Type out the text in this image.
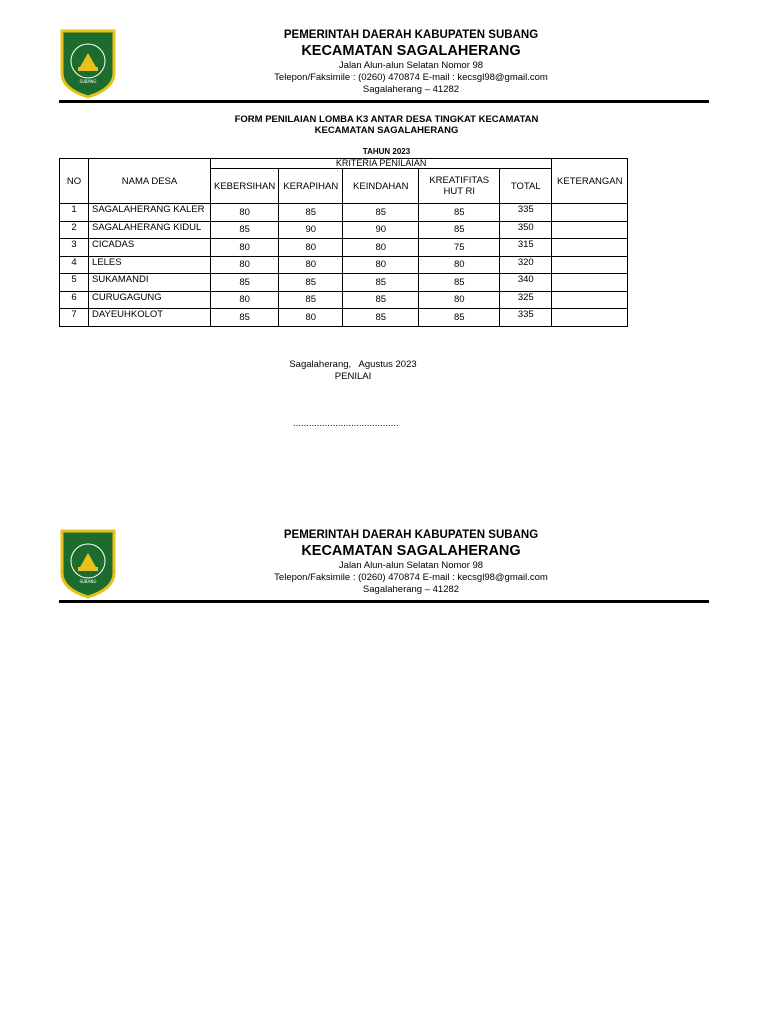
SUBANG
PEMERINTAH DAERAH KABUPATEN SUBANG
KECAMATAN SAGALAHERANG
Jalan Alun-alun Selatan Nomor 98
Telepon/Faksimile : (0260) 470874 E-mail : kecsgl98@gmail.com
Sagalaherang – 41282
FORM PENILAIAN LOMBA K3 ANTAR DESA TINGKAT KECAMATAN
KECAMATAN SAGALAHERANG
TAHUN 2023
NO	NAMA DESA	KRITERIA PENILAIAN					KETERANGAN
		KEBERSIHAN	KERAPIHAN	KEINDAHAN	KREATIFITAS HUT RI	TOTAL	
1	SAGALAHERANG KALER	80	85	85	85	335	
2	SAGALAHERANG KIDUL	85	90	90	85	350	
3	CICADAS	80	80	80	75	315	
4	LELES	80	80	80	80	320	
5	SUKAMANDI	85	85	85	85	340	
6	CURUGAGUNG	80	85	85	80	325	
7	DAYEUHKOLOT	85	80	85	85	335	
Sagalaherang,   Agustus 2023
PENILAI
........................................
SUBANG
PEMERINTAH DAERAH KABUPATEN SUBANG
KECAMATAN SAGALAHERANG
Jalan Alun-alun Selatan Nomor 98
Telepon/Faksimile : (0260) 470874 E-mail : kecsgl98@gmail.com
Sagalaherang – 41282
